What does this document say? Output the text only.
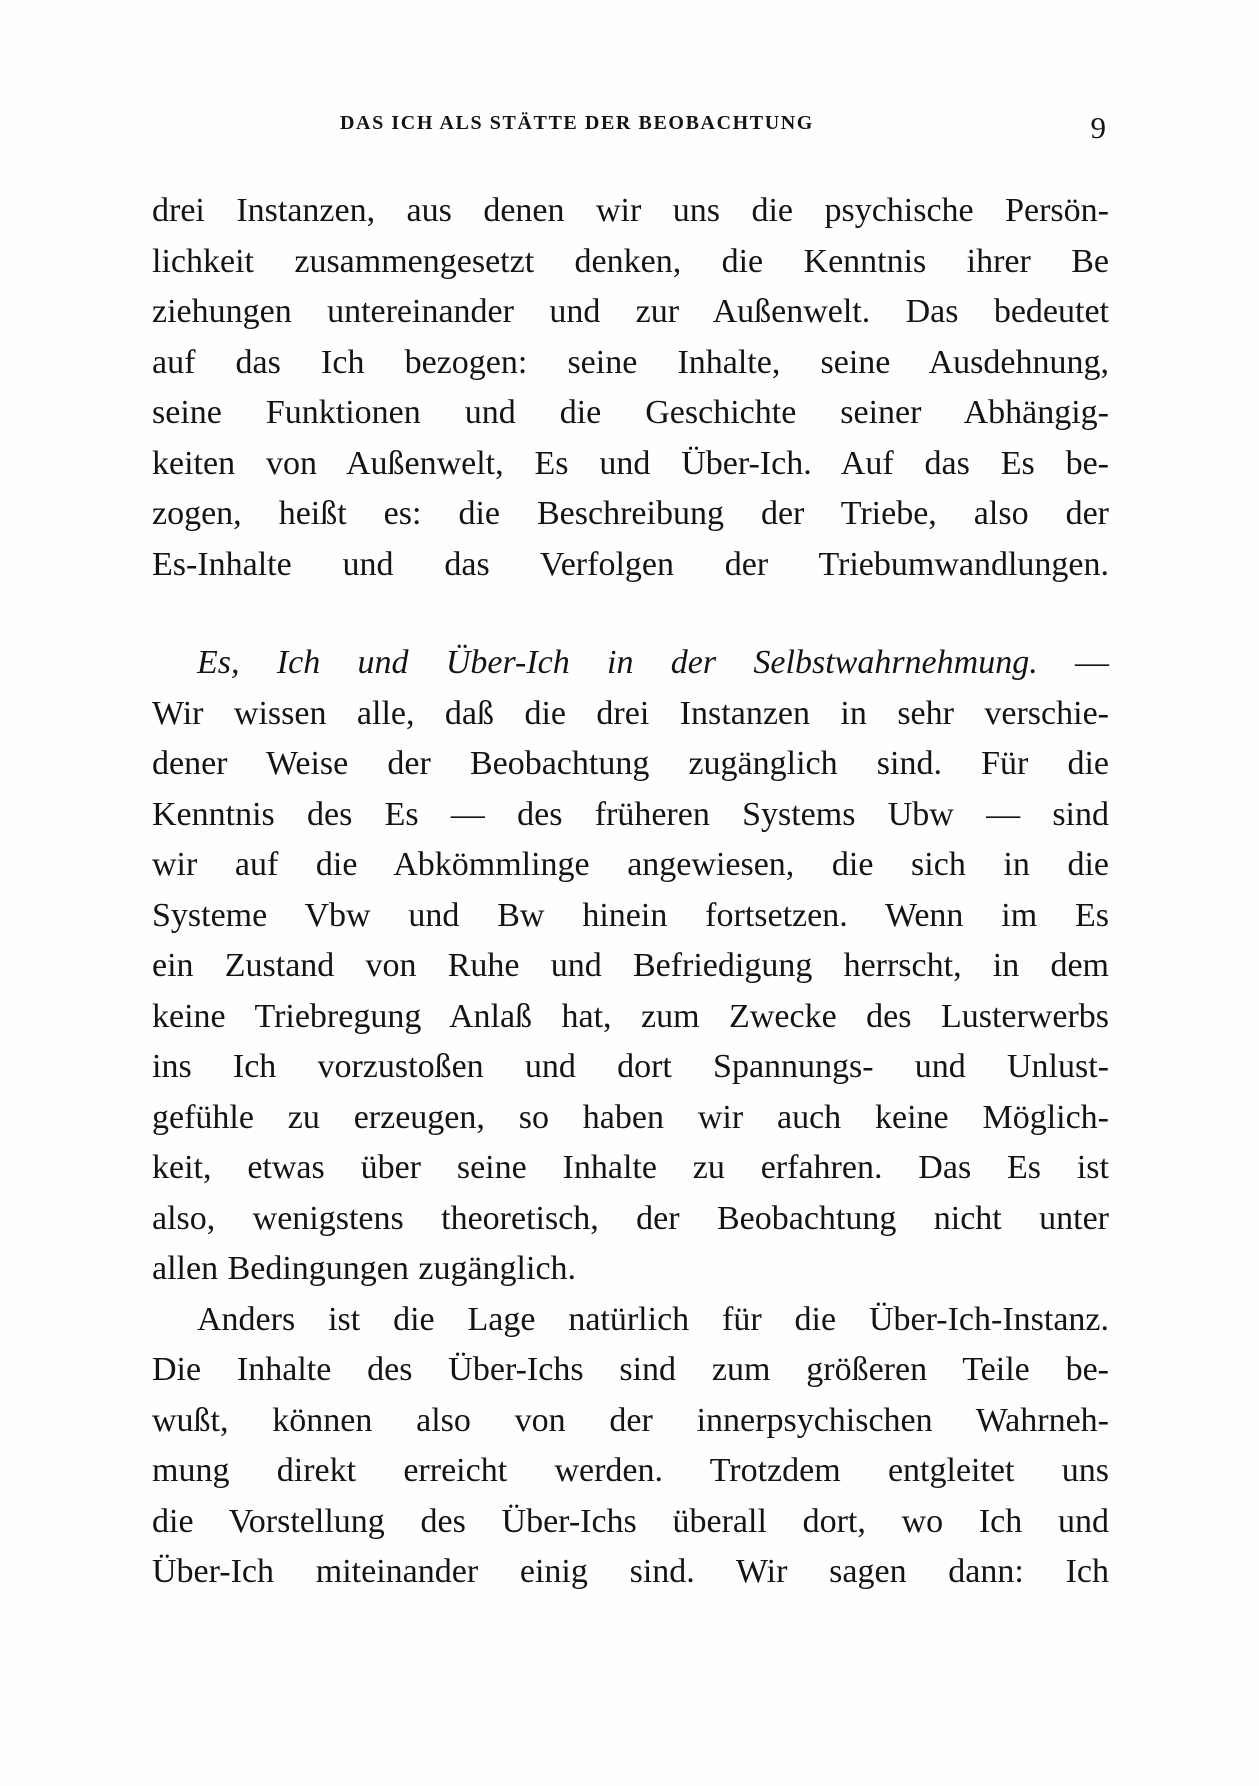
DAS ICH ALS STÄTTE DER BEOBACHTUNG	9
drei Instanzen, aus denen wir uns die psychische Persön-
lichkeit zusammengesetzt denken, die Kenntnis ihrer Be
ziehungen untereinander und zur Außenwelt. Das bedeutet
auf das Ich bezogen: seine Inhalte, seine Ausdehnung,
seine Funktionen und die Geschichte seiner Abhängig-
keiten von Außenwelt, Es und Über-Ich. Auf das Es be-
zogen, heißt es: die Beschreibung der Triebe, also der
Es-Inhalte und das Verfolgen der Triebumwandlungen.
Es, Ich und Über-Ich in der Selbstwahrnehmung. —
Wir wissen alle, daß die drei Instanzen in sehr verschie-
dener Weise der Beobachtung zugänglich sind. Für die
Kenntnis des Es — des früheren Systems Ubw — sind
wir auf die Abkömmlinge angewiesen, die sich in die
Systeme Vbw und Bw hinein fortsetzen. Wenn im Es
ein Zustand von Ruhe und Befriedigung herrscht, in dem
keine Triebregung Anlaß hat, zum Zwecke des Lusterwerbs
ins Ich vorzustoßen und dort Spannungs- und Unlust-
gefühle zu erzeugen, so haben wir auch keine Möglich-
keit, etwas über seine Inhalte zu erfahren. Das Es ist
also, wenigstens theoretisch, der Beobachtung nicht unter
allen Bedingungen zugänglich.
Anders ist die Lage natürlich für die Über-Ich-Instanz.
Die Inhalte des Über-Ichs sind zum größeren Teile be-
wußt, können also von der innerpsychischen Wahrneh-
mung direkt erreicht werden. Trotzdem entgleitet uns
die Vorstellung des Über-Ichs überall dort, wo Ich und
Über-Ich miteinander einig sind. Wir sagen dann: Ich
